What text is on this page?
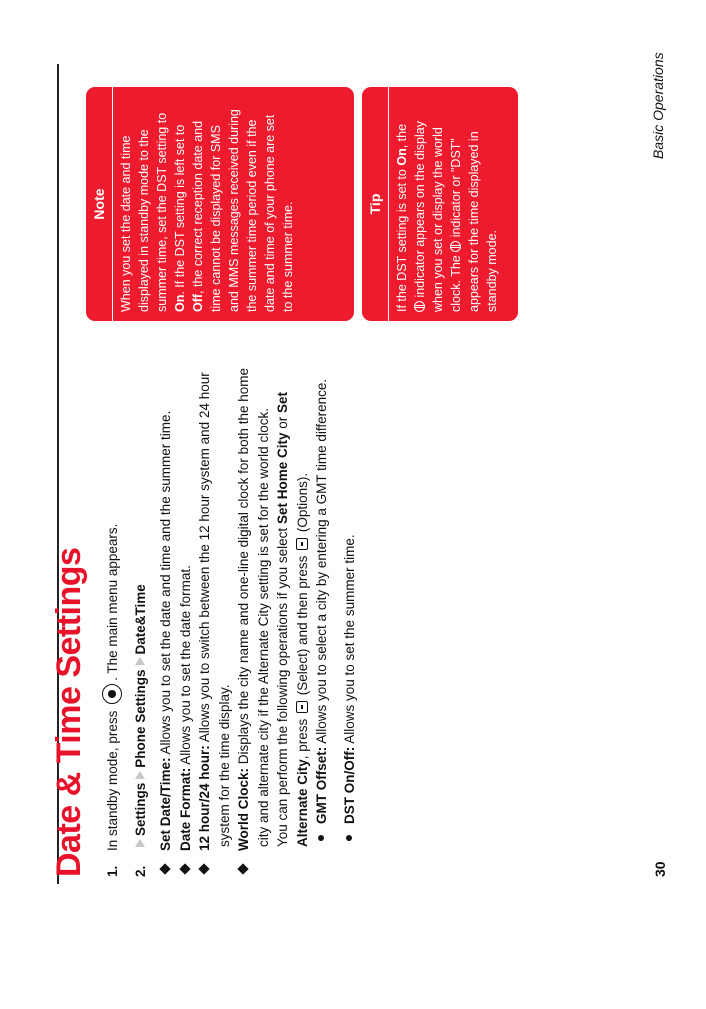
30
Basic Operations
Date & Time Settings 1.In standby mode, press . The main menu appears.
2.SettingsPhone SettingsDate&Time
Set Date/Time: Allows you to set the date and time and the summer time.
Date Format: Allows you to set the date format.
12 hour/24 hour: Allows you to switch between the 12 hour system and 24 hour
system for the time display. World Clock: Displays the city name and one-line digital clock for both the home city and alternate city if the Alternate City setting is set for the world clock. You can perform the following operations if you select Set Home City or Set
Alternate City, press  (Select) and then press  (Options).
GMT Offset: Allows you to select a city by entering a GMT time difference.
DST On/Off: Allows you to set the summer time.
Note When you set the date and time displayed in standby mode to the summer time, set the DST setting to On. If the DST setting is left set to
Off, the correct reception date and time cannot be displayed for SMS and MMS messages received during the summer time period even if the date and time of your phone are set to the summer time.	Tip If the DST setting is set to On, the indicator appears on the display when you set or display the world clock. The  indicator or "DST" appears for the time displayed in standby mode.
